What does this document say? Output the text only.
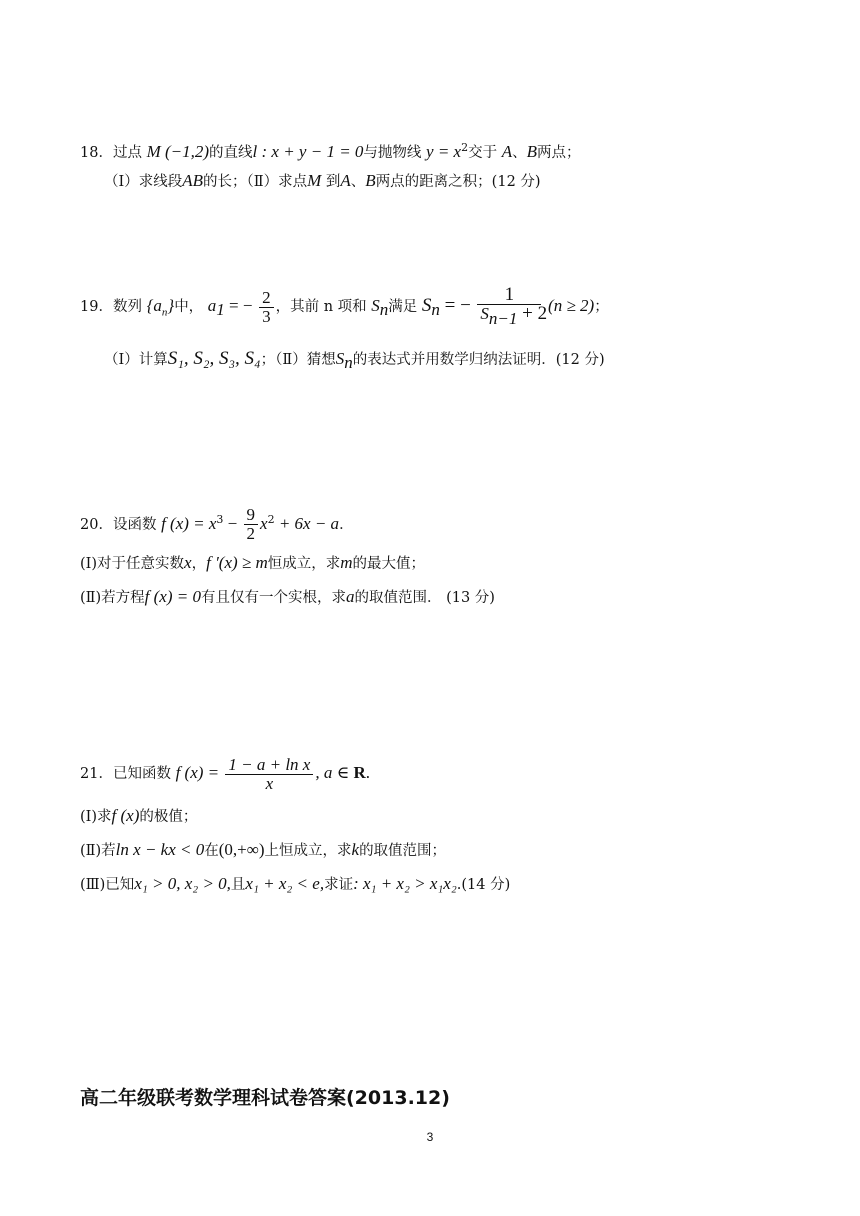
18．过点 M (−1,2)的直线l : x + y − 1 = 0与抛物线 $y = x^2$交于 A、B两点；
（Ⅰ）求线段AB的长；（Ⅱ）求点M 到A、B两点的距离之积；(12 分)
19．数列 $\{a_n\}$中， $a_1$ = − $\frac{2}{3}$ ，其前 n 项和 $S_n$满足 $S_n$ = − $\frac{1}{S_{n-1} + 2} (n \ge 2)$；
（Ⅰ）计算S₁, S₂, S₃, S₄；（Ⅱ）猜想$S_n$的表达式并用数学归纳法证明．(12 分)
20．设函数 f $(x) = x^3 - \frac{9}{2} x^2 + 6x - a$．
(Ⅰ)对于任意实数x，f ′(x) ≥ m恒成立，求m的最大值；
(Ⅱ)若方程f (x) = 0有且仅有一个实根，求a的取值范围． (13 分)
21．已知函数 f $(x) = \frac{\text{1 − a + ln x}}{x}$ , a ∈ R.
(Ⅰ)求f (x)的极值；
(Ⅱ)若ln x − kx < 0在(0,+∞)上恒成立，求k的取值范围；
(Ⅲ)已知x₁ > 0, x₂ > 0,且x₁ + x₂ < e,求证: x₁ + x₂ > x₁x₂.(14 分)
高二年级联考数学理科试卷答案(2013.12)
3
